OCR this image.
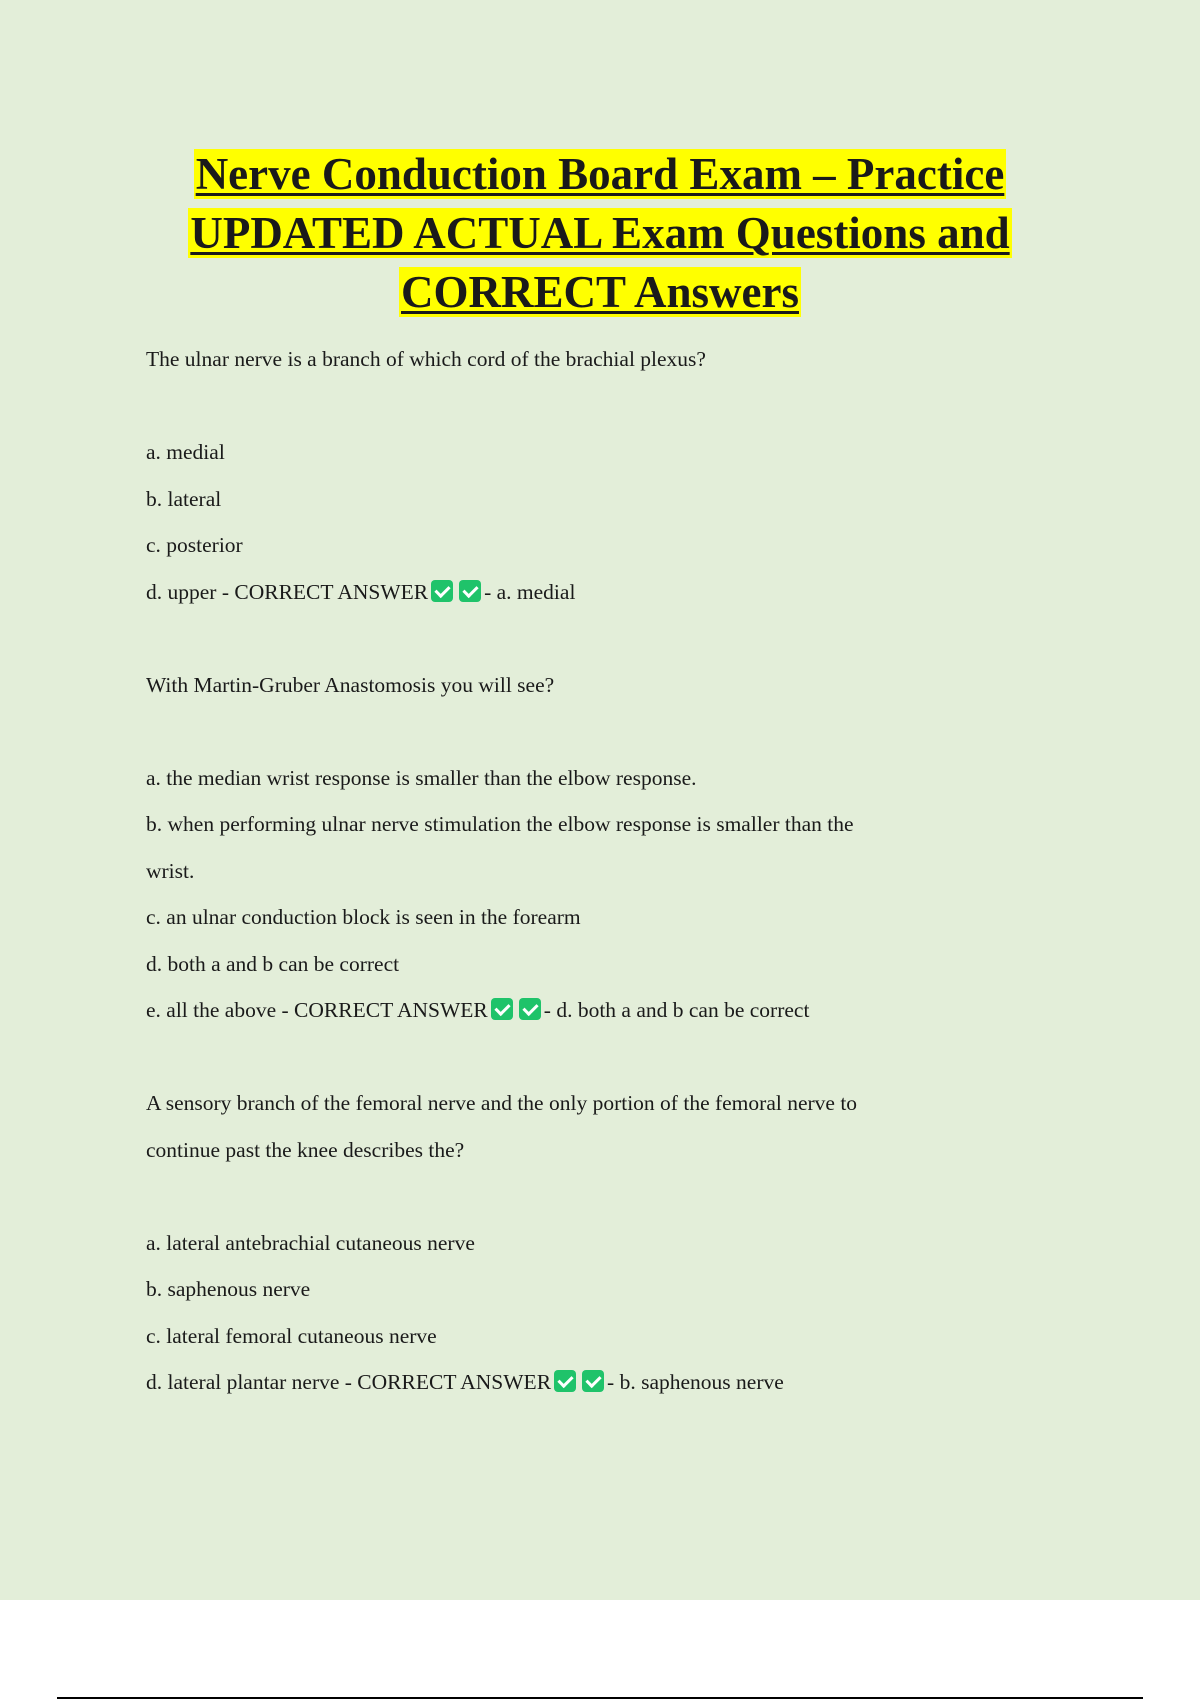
Nerve Conduction Board Exam – Practice
UPDATED ACTUAL Exam Questions and
CORRECT Answers
The ulnar nerve is a branch of which cord of the brachial plexus?
a. medial
b. lateral
c. posterior
d. upper - CORRECT ANSWER	- a. medial
With Martin-Gruber Anastomosis you will see?
a. the median wrist response is smaller than the elbow response.
b. when performing ulnar nerve stimulation the elbow response is smaller than the
wrist.
c. an ulnar conduction block is seen in the forearm
d. both a and b can be correct
e. all the above - CORRECT ANSWER	- d. both a and b can be correct
A sensory branch of the femoral nerve and the only portion of the femoral nerve to
continue past the knee describes the?
a. lateral antebrachial cutaneous nerve
b. saphenous nerve
c. lateral femoral cutaneous nerve
d. lateral plantar nerve - CORRECT ANSWER	- b. saphenous nerve
